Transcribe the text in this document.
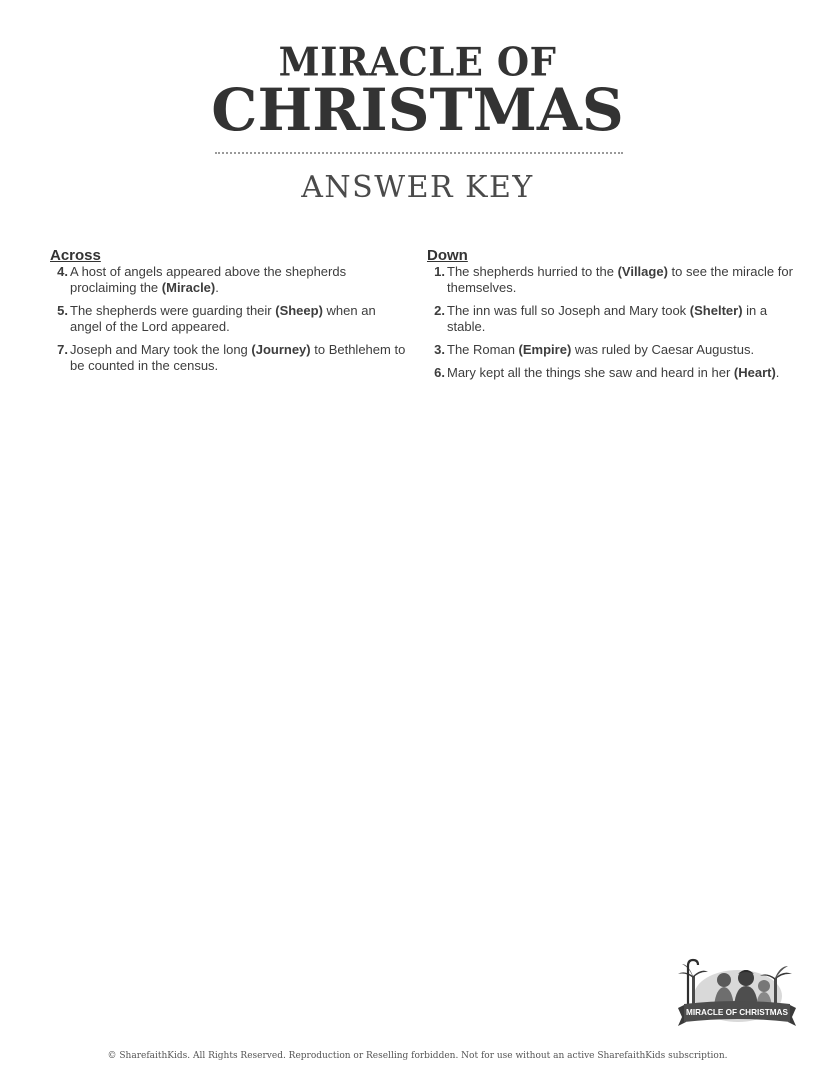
MIRACLE OF
CHRISTMAS
ANSWER KEY
Across
4. A host of angels appeared above the shepherds proclaiming the (Miracle).
5. The shepherds were guarding their (Sheep) when an angel of the Lord appeared.
7. Joseph and Mary took the long (Journey) to Bethlehem to be counted in the census.
Down
1. The shepherds hurried to the (Village) to see the miracle for themselves.
2. The inn was full so Joseph and Mary took (Shelter) in a stable.
3. The Roman (Empire) was ruled by Caesar Augustus.
6. Mary kept all the things she saw and heard in her (Heart).
MIRACLE OF CHRISTMAS
© SharefaithKids. All Rights Reserved. Reproduction or Reselling forbidden. Not for use without an active SharefaithKids subscription.
